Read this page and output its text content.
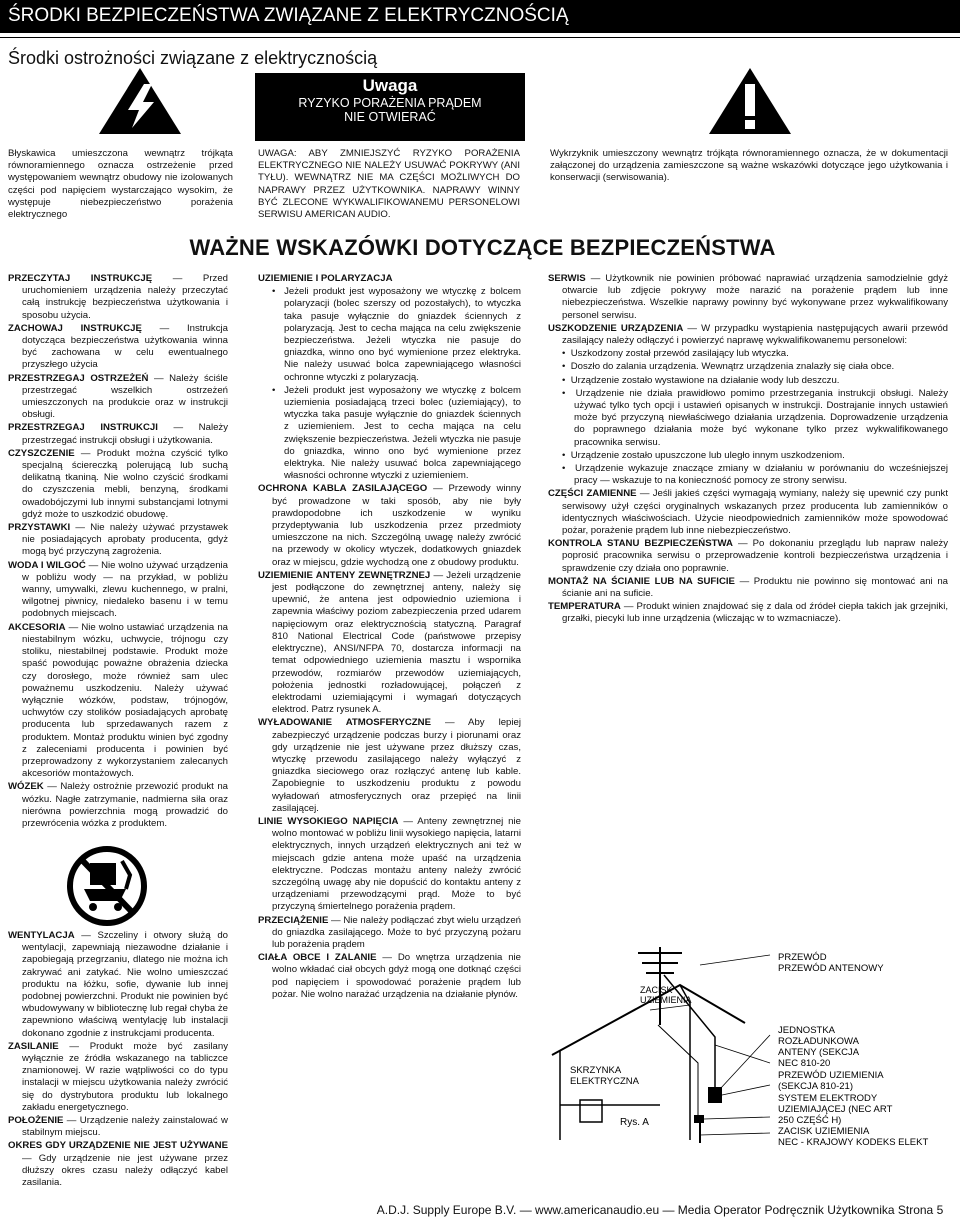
ŚRODKI BEZPIECZEŃSTWA ZWIĄZANE Z ELEKTRYCZNOŚCIĄ
Środki ostrożności związane z elektrycznością
Uwaga
RYZYKO PORAŻENIA PRĄDEM
NIE OTWIERAĆ
Błyskawica umieszczona wewnątrz trójkąta równoramiennego oznacza ostrzeżenie przed występowaniem wewnątrz obudowy nie izolowanych części pod napięciem wystarczająco wysokim, że występuje niebezpieczeństwo porażenia elektrycznego
UWAGA: ABY ZMNIEJSZYĆ RYZYKO PORAŻENIA ELEKTRYCZNEGO NIE NALEŻY USUWAĆ POKRYWY (ANI TYŁU). WEWNĄTRZ NIE MA CZĘŚCI MOŻLIWYCH DO NAPRAWY PRZEZ UŻYTKOWNIKA. NAPRAWY WINNY BYĆ ZLECONE WYKWALIFIKOWANEMU PERSONELOWI SERWISU AMERICAN AUDIO.
Wykrzyknik umieszczony wewnątrz trójkąta równoramiennego oznacza, że w dokumentacji załączonej do urządzenia zamieszczone są ważne wskazówki dotyczące jego użytkowania i konserwacji (serwisowania).
WAŻNE WSKAZÓWKI DOTYCZĄCE BEZPIECZEŃSTWA

PRZECZYTAJ INSTRUKCJĘ — Przed uruchomieniem urządzenia należy przeczytać całą instrukcję bezpieczeństwa użytkowania i sposobu użycia.

ZACHOWAJ INSTRUKCJĘ — Instrukcja dotycząca bezpieczeństwa użytkowania winna być zachowana w celu ewentualnego przyszłego użycia

PRZESTRZEGAJ OSTRZEŻEŃ — Należy ściśle przestrzegać wszelkich ostrzeżeń umieszczonych na produkcie oraz w instrukcji obsługi.

PRZESTRZEGAJ INSTRUKCJI — Należy przestrzegać instrukcji obsługi i użytkowania.

CZYSZCZENIE — Produkt można czyścić tylko specjalną ściereczką polerującą lub suchą delikatną tkaniną. Nie wolno czyścić środkami do czyszczenia mebli, benzyną, środkami owadobójczymi lub innymi substancjami lotnymi gdyż może to uszkodzić obudowę.

PRZYSTAWKI — Nie należy używać przystawek nie posiadających aprobaty producenta, gdyż mogą być przyczyną zagrożenia.

WODA I WILGOĆ — Nie wolno używać urządzenia w pobliżu wody — na przykład, w pobliżu wanny, umywalki, zlewu kuchennego, w pralni, wilgotnej piwnicy, niedaleko basenu i w temu podobnych miejscach.

AKCESORIA — Nie wolno ustawiać urządzenia na niestabilnym wózku, uchwycie, trójnogu czy stoliku, niestabilnej podstawie. Produkt może spaść powodując poważne obrażenia dziecka czy dorosłego, może również sam ulec poważnemu uszkodzeniu. Należy używać wyłącznie wózków, podstaw, trójnogów, uchwytów czy stolików posiadających aprobatę producenta lub sprzedawanych razem z produktem. Montaż produktu winien być zgodny z zaleceniami producenta i powinien być przeprowadzony z wykorzystaniem zalecanych akcesoriów montażowych.

WÓZEK — Należy ostrożnie przewozić produkt na wózku. Nagłe zatrzymanie, nadmierna siła oraz nierówna powierzchnia mogą prowadzić do przewrócenia wózka z produktem.

WENTYLACJA — Szczeliny i otwory służą do wentylacji, zapewniają niezawodne działanie i zapobiegają przegrzaniu, dlatego nie można ich zakrywać ani zatykać. Nie wolno umieszczać produktu na łóżku, sofie, dywanie lub innej podobnej powierzchni. Produkt nie powinien być wbudowywany w bibliotecznę lub regał chyba że zapewniono właściwą wentylację lub instalacji dokonano zgodnie z instrukcjami producenta.

ZASILANIE — Produkt może być zasilany wyłącznie ze źródła wskazanego na tabliczce znamionowej. W razie wątpliwości co do typu instalacji w miejscu użytkowania należy zwrócić się do dystrybutora produktu lub lokalnego zakładu energetycznego.

POŁOŻENIE — Urządzenie należy zainstalować w stabilnym miejscu.

OKRES GDY URZĄDZENIE NIE JEST UŻYWANE — Gdy urządzenie nie jest używane przez dłuższy okres czasu należy odłączyć kabel zasilania.

UZIEMIENIE I POLARYZACJA

•  Jeżeli produkt jest wyposażony we wtyczkę z bolcem polaryzacji (bolec szerszy od pozostałych), to wtyczka taka pasuje wyłącznie do gniazdek ściennych z polaryzacją. Jest to cecha mająca na celu zwiększenie bezpieczeństwa. Jeżeli wtyczka nie pasuje do gniazdka, winno ono być wymienione przez elektryka. Nie należy usuwać bolca zapewniającego własności ochronne wtyczki z polaryzacją.

•  Jeżeli produkt jest wyposażony we wtyczkę z bolcem uziemienia posiadającą trzeci bolec (uziemiający), to wtyczka taka pasuje wyłącznie do gniazdek ściennych z uziemieniem. Jest to cecha mająca na celu zwiększenie bezpieczeństwa. Jeżeli wtyczka nie pasuje do gniazdka, winno ono być wymienione przez elektryka. Nie należy usuwać bolca zapewniającego własności ochronne wtyczki z uziemieniem.

OCHRONA KABLA ZASILAJĄCEGO — Przewody winny być prowadzone w taki sposób, aby nie były prawdopodobne ich uszkodzenie w wyniku przydeptywania lub uszkodzenia przez przedmioty umieszczone na nich. Szczególną uwagę należy zwrócić na przewody w okolicy wtyczek, dodatkowych gniazdek oraz w miejscu, gdzie wychodzą one z obudowy produktu.

UZIEMIENIE ANTENY ZEWNĘTRZNEJ — Jeżeli urządzenie jest podłączone do zewnętrznej anteny, należy się upewnić, że antena jest odpowiednio uziemiona i zapewnia właściwy poziom zabezpieczenia przed udarem napięciowym oraz elektrycznością statyczną. Paragraf 810 National Electrical Code (państwowe przepisy elektryczne), ANSI/NFPA 70, dostarcza informacji na temat odpowiedniego uziemienia masztu i wspornika przewodów, rozmiarów przewodów uziemiających, położenia jednostki rozładowującej, połączeń z elektrodami uziemiającymi i wymagań dotyczących elektrod. Patrz rysunek A.

WYŁADOWANIE ATMOSFERYCZNE — Aby lepiej zabezpieczyć urządzenie podczas burzy i piorunami oraz gdy urządzenie nie jest używane przez dłuższy czas, wtyczkę przewodu zasilającego należy wyłączyć z gniazdka sieciowego oraz rozłączyć antenę lub kable. Zapobiegnie to uszkodzeniu produktu z powodu wyładowań atmosferycznych oraz przepięć na linii zasilającej.

LINIE WYSOKIEGO NAPIĘCIA — Anteny zewnętrznej nie wolno montować w pobliżu linii wysokiego napięcia, latarni elektrycznych, innych urządzeń elektrycznych ani też w miejscach gdzie antena może upaść na urządzenia elektryczne. Podczas montażu anteny należy zwrócić szczególną uwagę aby nie dopuścić do kontaktu anteny z urządzeniami przewodzącymi prąd. Może to być przyczyną śmiertelnego porażenia prądem.

PRZECIĄŻENIE — Nie należy podłączać zbyt wielu urządzeń do gniazdka zasilającego. Może to być przyczyną pożaru lub porażenia prądem

CIAŁA OBCE I ZALANIE — Do wnętrza urządzenia nie wolno wkładać ciał obcych gdyż mogą one dotknąć części pod napięciem i spowodować porażenie prądem lub pożar. Nie wolno narażać urządzenia na działanie płynów.

SERWIS — Użytkownik nie powinien próbować naprawiać urządzenia samodzielnie gdyż otwarcie lub zdjęcie pokrywy może narazić na porażenie prądem lub inne niebezpieczeństwa. Wszelkie naprawy powinny być wykonywane przez wykwalifikowany personel serwisu.

USZKODZENIE URZĄDZENIA — W przypadku wystąpienia następujących awarii przewód zasilający należy odłączyć i powierzyć naprawę wykwalifikowanemu personelowi:

•  Uszkodzony został przewód zasilający lub wtyczka.

•  Doszło do zalania urządzenia. Wewnątrz urządzenia znalazły się ciała obce.

•  Urządzenie zostało wystawione na działanie wody lub deszczu.

•  Urządzenie nie działa prawidłowo pomimo przestrzegania instrukcji obsługi. Należy używać tylko tych opcji i ustawień opisanych w instrukcji. Dostrajanie innych ustawień może być przyczyną niewłaściwego działania urządzenia. Doprowadzenie urządzenia do poprawnego działania może być wykonane tylko przez wykwalifikowanego pracownika serwisu.

•  Urządzenie zostało upuszczone lub uległo innym uszkodzeniom.

•  Urządzenie wykazuje znaczące zmiany w działaniu w porównaniu do wcześniejszej pracy — wskazuje to na konieczność pomocy ze strony serwisu.

CZĘŚCI ZAMIENNE — Jeśli jakieś części wymagają wymiany, należy się upewnić czy punkt serwisowy użył części oryginalnych wskazanych przez producenta lub zamienników o identycznych właściwościach. Użycie nieodpowiednich zamienników może spowodować pożar, porażenie prądem lub inne niebezpieczeństwo.

KONTROLA STANU BEZPIECZEŃSTWA — Po dokonaniu przeglądu lub napraw należy poprosić pracownika serwisu o przeprowadzenie kontroli bezpieczeństwa urządzenia i sprawdzenie czy działa ono poprawnie.

MONTAŻ NA ŚCIANIE LUB NA SUFICIE — Produktu nie powinno się montować ani na ścianie ani na suficie.

TEMPERATURA — Produkt winien znajdować się z dala od źródeł ciepła takich jak grzejniki, grzałki, piecyki lub inne urządzenia (wliczając w to wzmacniacze).

PRZEWÓD
PRZEWÓD ANTENOWY
ZACISK
UZIEMIENIA
JEDNOSTKA
ROZŁADUNKOWA
ANTENY (SEKCJA
NEC 810-20
PRZEWÓD UZIEMIENIA
(SEKCJA 810-21)
SKRZYNKA
ELEKTRYCZNA
SYSTEM ELEKTRODY
UZIEMIAJĄCEJ (NEC ART
250 CZĘŚĆ H)
ZACISK UZIEMIENIA
NEC - KRAJOWY KODEKS ELEKT
Rys. A
A.D.J. Supply Europe B.V. — www.americanaudio.eu — Media Operator Podręcznik Użytkownika Strona 5
